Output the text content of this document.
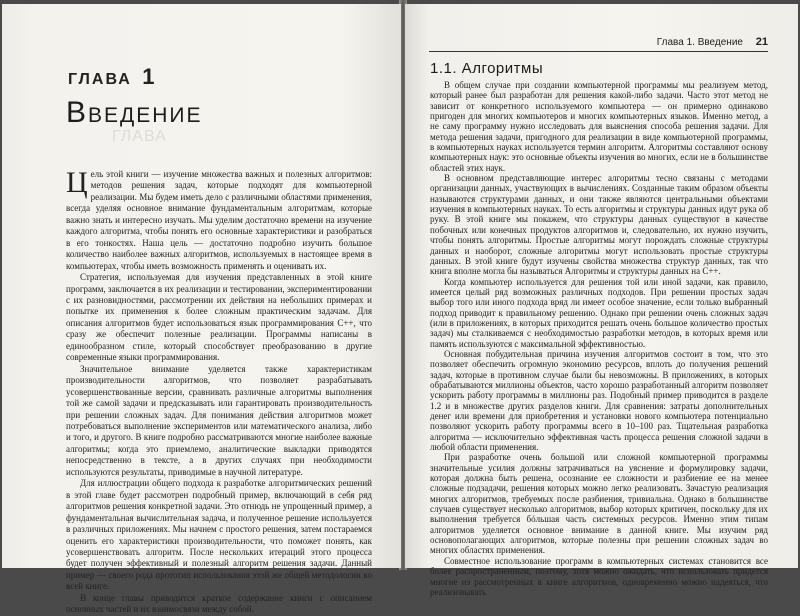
ГЛАВА 1
Введение
ГЛАВА

Цель этой книги — изучение множества важных и полезных алгоритмов: методов решения задач, которые подходят для компьютерной реализации. Мы будем иметь дело с различными областями применения, всегда уделяя основное внимание фундаментальным алгоритмам, которые важно знать и интересно изучать. Мы уделим достаточно времени на изучение каждого алгоритма, чтобы понять его основные характеристики и разобраться в его тонкостях. Наша цель — достаточно подробно изучить большое количество наиболее важных алгоритмов, используемых в настоящее время в компьютерах, чтобы иметь возможность применять и оценивать их.

Стратегия, используемая для изучения представленных в этой книге программ, заключается в их реализации и тестировании, экспериментировании с их разновидностями, рассмотрении их действия на небольших примерах и попытке их применения к более сложным практическим задачам. Для описания алгоритмов будет использоваться язык программирования C++, что сразу же обеспечит полезные реализации. Программы написаны в единообразном стиле, который способствует преобразованию в другие современные языки программирования.

Значительное внимание уделяется также характеристикам производительности алгоритмов, что позволяет разрабатывать усовершенствованные версии, сравнивать различные алгоритмы выполнения той же самой задачи и предсказывать или гарантировать производительность при решении сложных задач. Для понимания действия алгоритмов может потребоваться выполнение экспериментов или математического анализа, либо и того, и другого. В книге подробно рассматриваются многие наиболее важные алгоритмы; когда это приемлемо, аналитические выкладки приводятся непосредственно в тексте, а в других случаях при необходимости используются результаты, приводимые в научной литературе.

Для иллюстрации общего подхода к разработке алгоритмических решений в этой главе будет рассмотрен подробный пример, включающий в себя ряд алгоритмов решения конкретной задачи. Это отнюдь не упрощенный пример, а фундаментальная вычислительная задача, и полученное решение используется в различных приложениях. Мы начнем с простого решения, затем постараемся оценить его характеристики производительности, что поможет понять, как усовершенствовать алгоритм. После нескольких итераций этого процесса будет получен эффективный и полезный алгоритм решения задачи. Данный пример — своего рода прототип использования этой же общей методологии во всей книге.

В конце главы приводится краткое содержание книги с описанием основных частей и их взаимосвязи между собой.

Глава 1. Введение 21
1.1. Алгоритмы

В общем случае при создании компьютерной программы мы реализуем метод, который ранее был разработан для решения какой-либо задачи. Часто этот метод не зависит от конкретного используемого компьютера — он примерно одинаково пригоден для многих компьютеров и многих компьютерных языков. Именно метод, а не саму программу нужно исследовать для выяснения способа решения задачи. Для метода решения задачи, пригодного для реализации в виде компьютерной программы, в компьютерных науках используется термин алгоритм. Алгоритмы составляют основу компьютерных наук: это основные объекты изучения во многих, если не в большинстве областей этих наук.

В основном представляющие интерес алгоритмы тесно связаны с методами организации данных, участвующих в вычислениях. Созданные таким образом объекты называются структурами данных, и они также являются центральными объектами изучения в компьютерных науках. То есть алгоритмы и структуры данных идут рука об руку. В этой книге мы покажем, что структуры данных существуют в качестве побочных или конечных продуктов алгоритмов и, следовательно, их нужно изучить, чтобы понять алгоритмы. Простые алгоритмы могут порождать сложные структуры данных и наоборот, сложные алгоритмы могут использовать простые структуры данных. В этой книге будут изучены свойства множества структур данных, так что книга вполне могла бы называться Алгоритмы и структуры данных на C++.

Когда компьютер используется для решения той или иной задачи, как правило, имеется целый ряд возможных различных подходов. При решении простых задач выбор того или иного подхода вряд ли имеет особое значение, если только выбранный подход приводит к правильному решению. Однако при решении очень сложных задач (или в приложениях, в которых приходится решать очень большое количество простых задач) мы сталкиваемся с необходимостью разработки методов, в которых время или память используются с максимальной эффективностью.

Основная побудительная причина изучения алгоритмов состоит в том, что это позволяет обеспечить огромную экономию ресурсов, вплоть до получения решений задач, которые в противном случае были бы невозможны. В приложениях, в которых обрабатываются миллионы объектов, часто хорошо разработанный алгоритм позволяет ускорить работу программы в миллионы раз. Подобный пример приводится в разделе 1.2 и в множестве других разделов книги. Для сравнения: затраты дополнительных денег или времени для приобретения и установки нового компьютера потенциально позволяют ускорить работу программы всего в 10–100 раз. Тщательная разработка алгоритма — исключительно эффективная часть процесса решения сложной задачи в любой области применения.

При разработке очень большой или сложной компьютерной программы значительные усилия должны затрачиваться на уяснение и формулировку задачи, которая должна быть решена, осознание ее сложности и разбиение ее на менее сложные подзадачи, решения которых можно легко реализовать. Зачастую реализация многих алгоритмов, требуемых после разбиения, тривиальна. Однако в большинстве случаев существует несколько алгоритмов, выбор которых критичен, поскольку для их выполнения требуется бóльшая часть системных ресурсов. Именно этим типам алгоритмов уделяется основное внимание в данной книге. Мы изучим ряд основополагающих алгоритмов, которые полезны при решении сложных задач во многих областях применения.

Совместное использование программ в компьютерных системах становится все более распространенным, поэтому, хотя можно ожидать, что использовать придется многие из рассмотренных в книге алгоритмов, одновременно можно надеяться, что реализовывать
